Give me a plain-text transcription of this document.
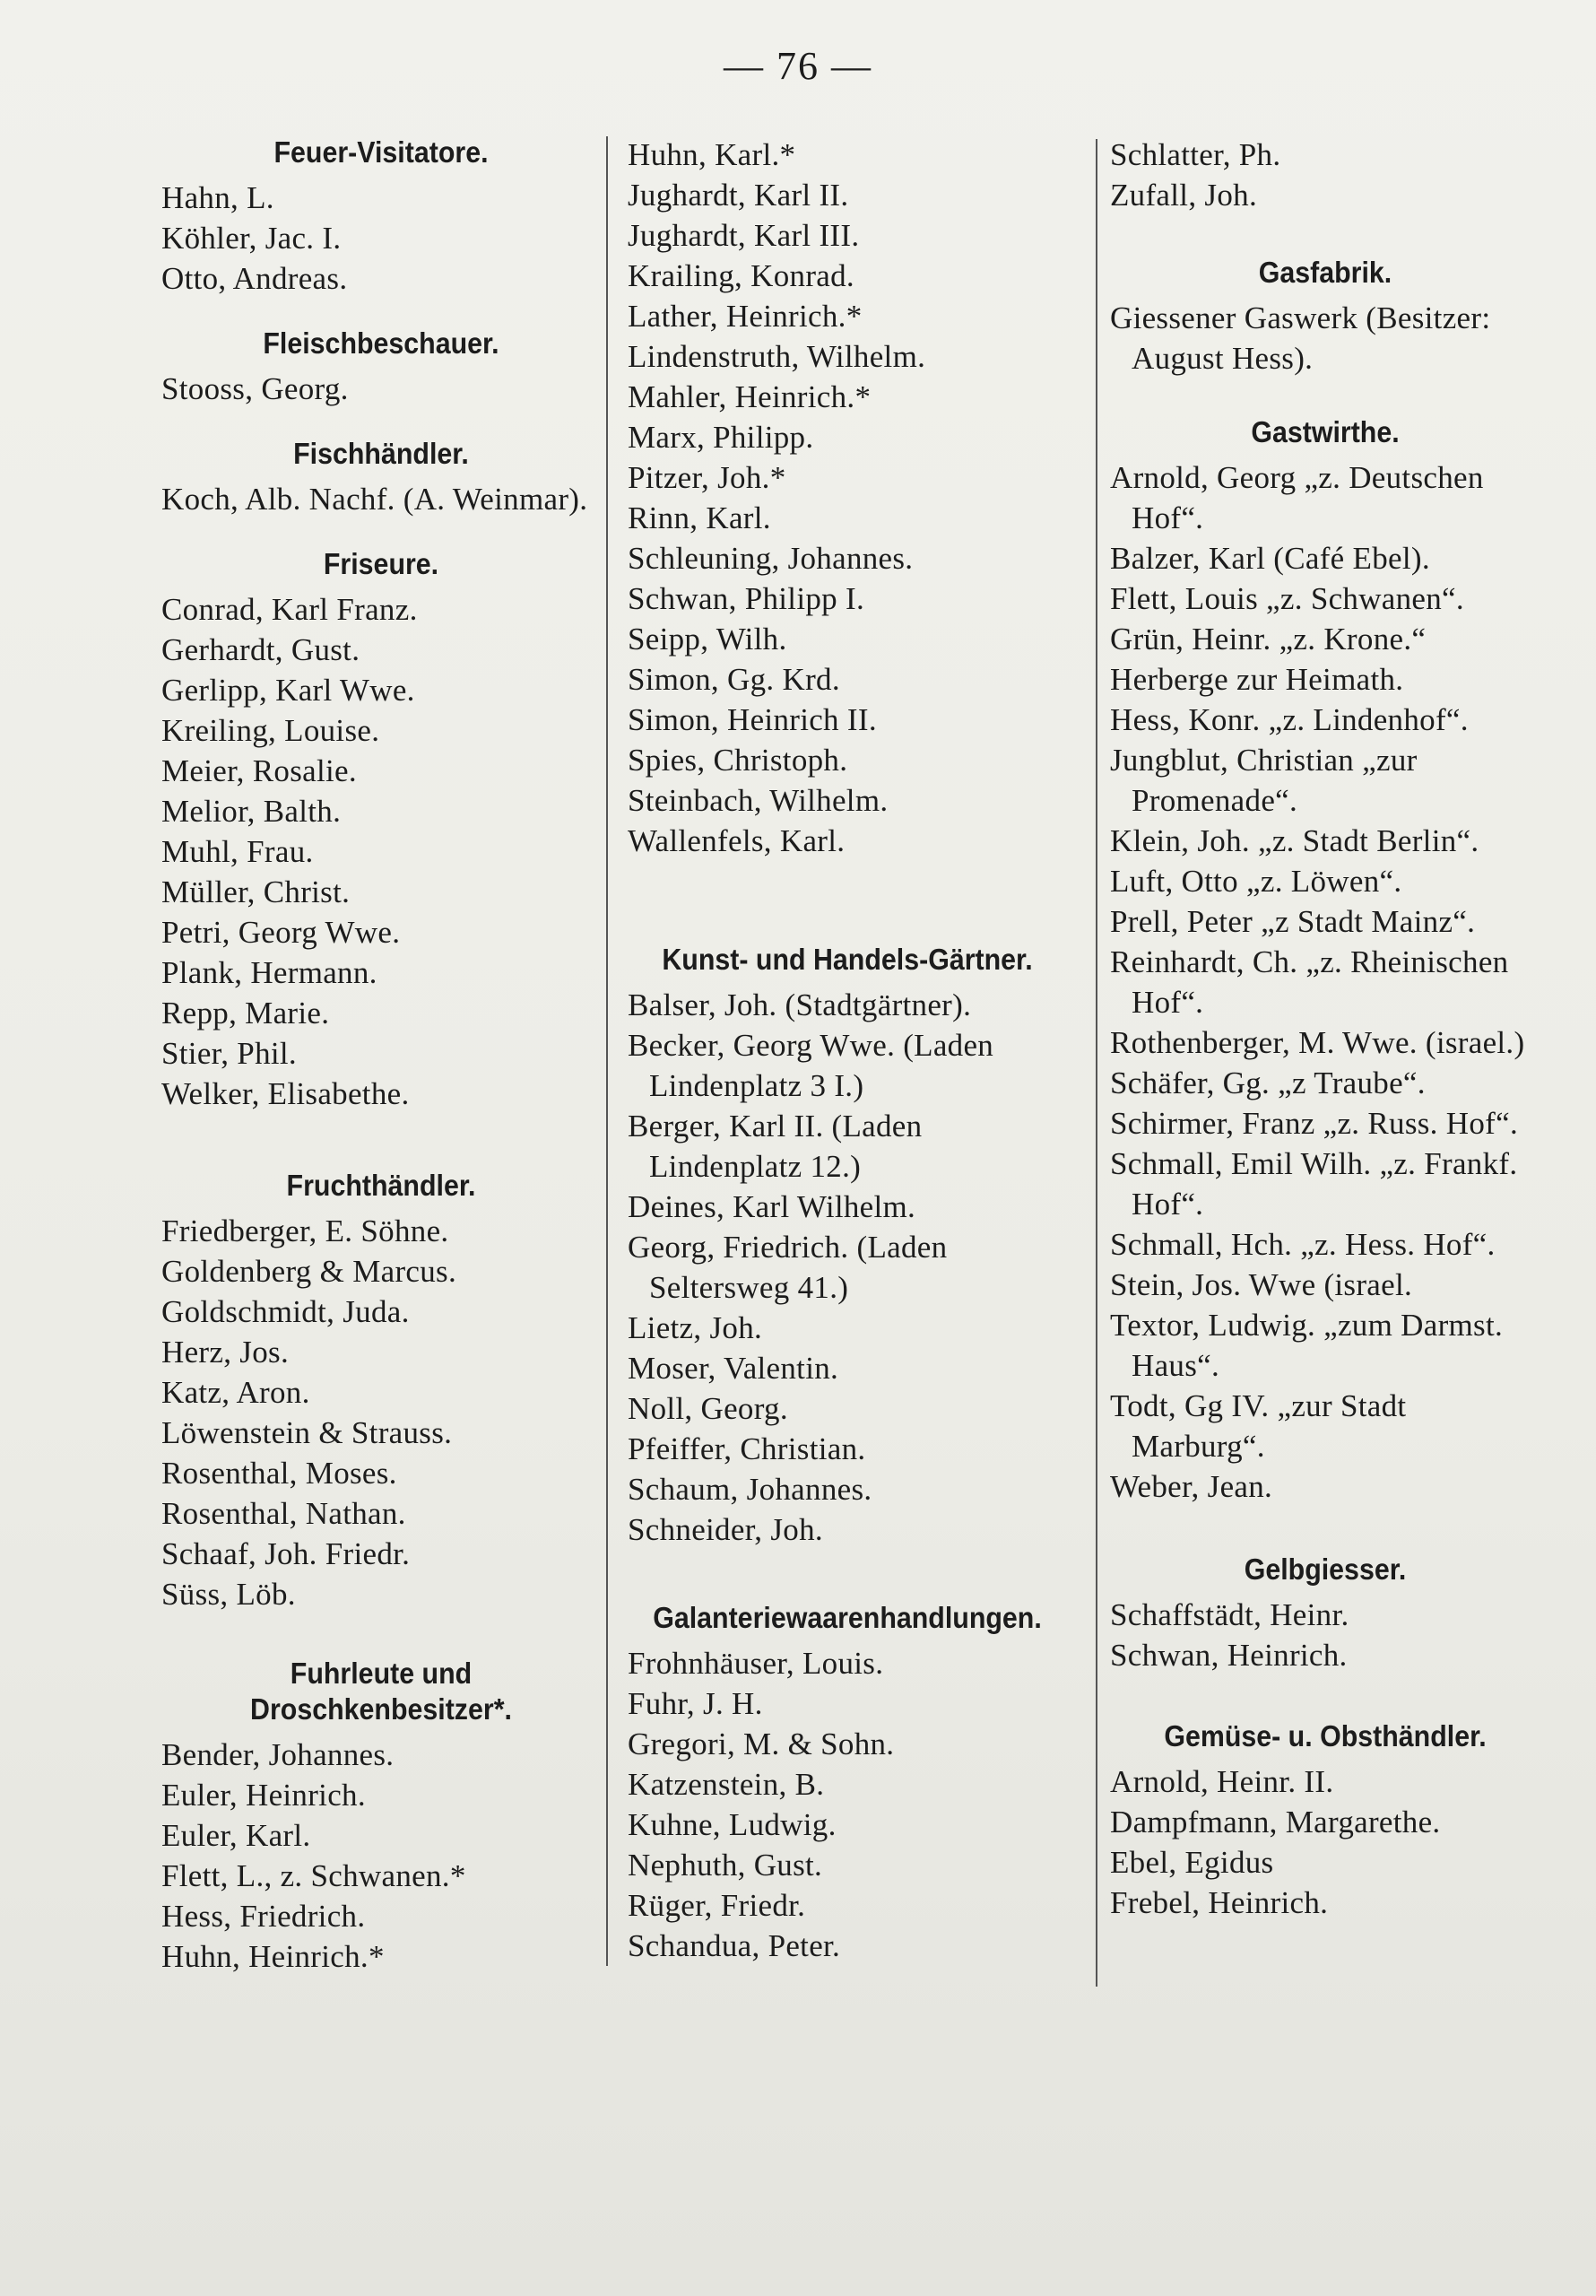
— 76 —
Feuer-Visitatore.
Hahn, L.
Köhler, Jac. I.
Otto, Andreas.
Fleischbeschauer.
Stooss, Georg.
Fischhändler.
Koch, Alb. Nachf. (A. Weinmar).
Friseure.
Conrad, Karl Franz.
Gerhardt, Gust.
Gerlipp, Karl Wwe.
Kreiling, Louise.
Meier, Rosalie.
Melior, Balth.
Muhl, Frau.
Müller, Christ.
Petri, Georg Wwe.
Plank, Hermann.
Repp, Marie.
Stier, Phil.
Welker, Elisabethe.
Fruchthändler.
Friedberger, E. Söhne.
Goldenberg & Marcus.
Goldschmidt, Juda.
Herz, Jos.
Katz, Aron.
Löwenstein & Strauss.
Rosenthal, Moses.
Rosenthal, Nathan.
Schaaf, Joh. Friedr.
Süss, Löb.
Fuhrleute und Droschkenbesitzer*.
Bender, Johannes.
Euler, Heinrich.
Euler, Karl.
Flett, L., z. Schwanen.*
Hess, Friedrich.
Huhn, Heinrich.*
Huhn, Karl.*
Jughardt, Karl II.
Jughardt, Karl III.
Krailing, Konrad.
Lather, Heinrich.*
Lindenstruth, Wilhelm.
Mahler, Heinrich.*
Marx, Philipp.
Pitzer, Joh.*
Rinn, Karl.
Schleuning, Johannes.
Schwan, Philipp I.
Seipp, Wilh.
Simon, Gg. Krd.
Simon, Heinrich II.
Spies, Christoph.
Steinbach, Wilhelm.
Wallenfels, Karl.
Kunst- und Handels-Gärtner.
Balser, Joh. (Stadtgärtner).
Becker, Georg Wwe. (Laden Lindenplatz 3 I.)
Berger, Karl II. (Laden Lindenplatz 12.)
Deines, Karl Wilhelm.
Georg, Friedrich. (Laden Seltersweg 41.)
Lietz, Joh.
Moser, Valentin.
Noll, Georg.
Pfeiffer, Christian.
Schaum, Johannes.
Schneider, Joh.
Galanteriewaarenhandlungen.
Frohnhäuser, Louis.
Fuhr, J. H.
Gregori, M. & Sohn.
Katzenstein, B.
Kuhne, Ludwig.
Nephuth, Gust.
Rüger, Friedr.
Schandua, Peter.
Schlatter, Ph.
Zufall, Joh.
Gasfabrik.
Giessener Gaswerk (Besitzer: August Hess).
Gastwirthe.
Arnold, Georg „z. Deutschen Hof“.
Balzer, Karl (Café Ebel).
Flett, Louis „z. Schwanen“.
Grün, Heinr. „z. Krone.“
Herberge zur Heimath.
Hess, Konr. „z. Lindenhof“.
Jungblut, Christian „zur Promenade“.
Klein, Joh. „z. Stadt Berlin“.
Luft, Otto „z. Löwen“.
Prell, Peter „z Stadt Mainz“.
Reinhardt, Ch. „z. Rheinischen Hof“.
Rothenberger, M. Wwe. (israel.)
Schäfer, Gg. „z Traube“.
Schirmer, Franz „z. Russ. Hof“.
Schmall, Emil Wilh. „z. Frankf. Hof“.
Schmall, Hch. „z. Hess. Hof“.
Stein, Jos. Wwe (israel.
Textor, Ludwig. „zum Darmst. Haus“.
Todt, Gg IV. „zur Stadt Marburg“.
Weber, Jean.
Gelbgiesser.
Schaffstädt, Heinr.
Schwan, Heinrich.
Gemüse- u. Obsthändler.
Arnold, Heinr. II.
Dampfmann, Margarethe.
Ebel, Egidus
Frebel, Heinrich.
